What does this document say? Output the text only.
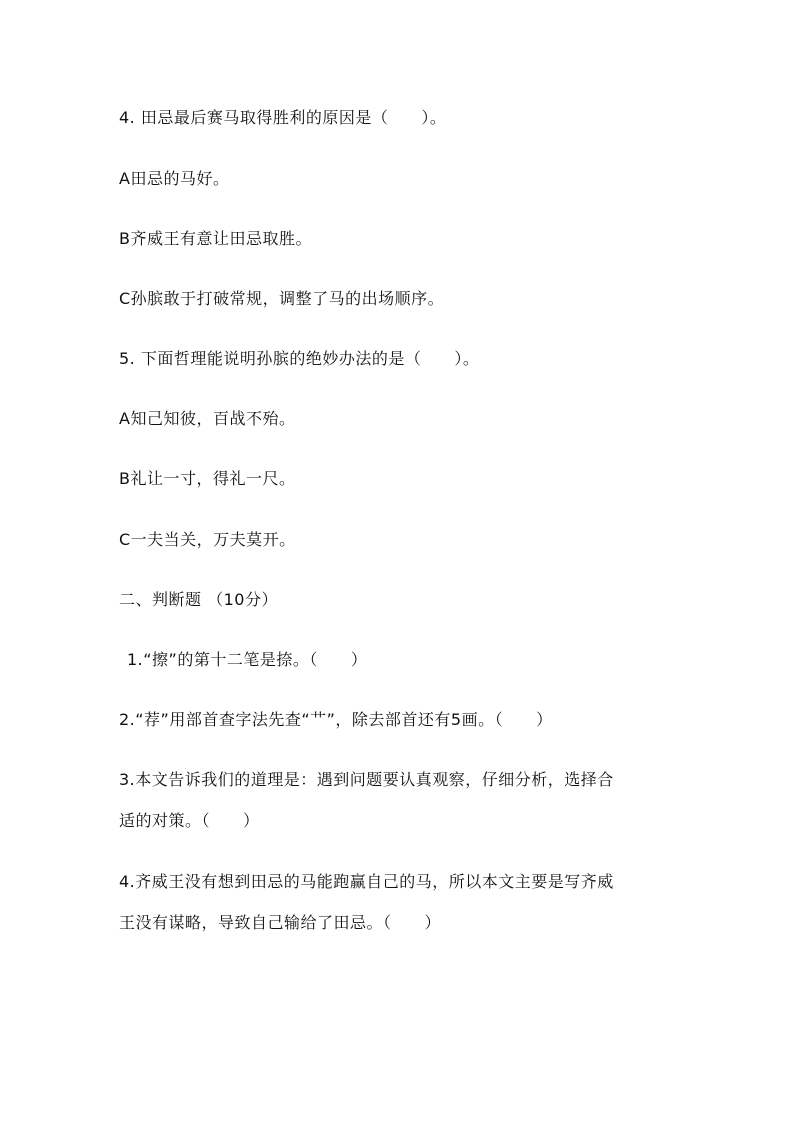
4. 田忌最后赛马取得胜利的原因是（　　）。
A田忌的马好。
B齐威王有意让田忌取胜。
C孙膑敢于打破常规，调整了马的出场顺序。
5. 下面哲理能说明孙膑的绝妙办法的是（　　）。
A知己知彼，百战不殆。
B礼让一寸，得礼一尺。
C一夫当关，万夫莫开。
二、判断题 （10分）
1.“擦”的第十二笔是捺。（　　）
2.“荐”用部首查字法先查“艹”，除去部首还有5画。（　　）
3.本文告诉我们的道理是：遇到问题要认真观察，仔细分析，选择合
适的对策。（　　）
4.齐威王没有想到田忌的马能跑赢自己的马，所以本文主要是写齐威
王没有谋略，导致自己输给了田忌。（　　）
